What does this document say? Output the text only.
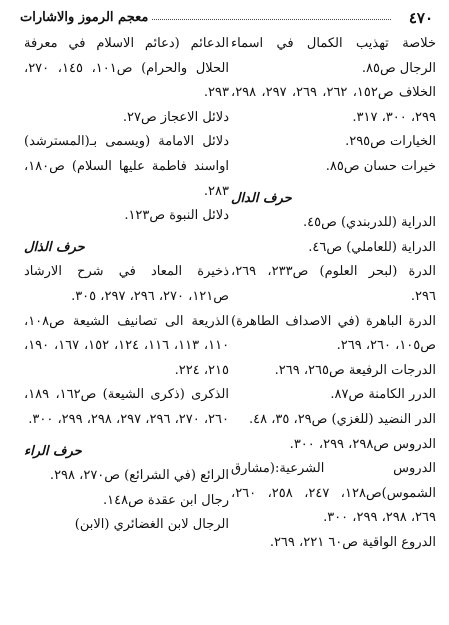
٤٧٠
معجم الرموز والاشارات

خلاصة تهذيب الكمال في اسماء الرجال ص٨٥.

الخلاف ص١٥٢، ٢٦٢، ٢٦٩، ٢٩٧، ٢٩٨، ٢٩٩، ٣٠٠، ٣١٧.

الخيارات ص٢٩٥.

خيرات حسان ص٨٥.

حرف الدال

الدراية (للدربندي) ص٤٥.

الدراية (للعاملي) ص٤٦.

الدرة (لبحر العلوم) ص٢٣٣، ٢٦٩، ٢٩٦.

الدرة الباهرة (في الاصداف الطاهرة) ص١٠٥، ٢٦٠، ٢٦٩.

الدرجات الرفيعة ص٢٦٥، ٢٦٩.

الدرر الكامنة ص٨٧.

الدر النضيد (للغزي) ص٢٩، ٣٥، ٤٨.

الدروس ص٢٩٨، ٢٩٩، ٣٠٠.

الدروس الشرعية:(مشارق الشموس)ص١٢٨، ٢٤٧، ٢٥٨، ٢٦٠، ٢٦٩، ٢٩٨، ٢٩٩، ٣٠٠.

الدروع الواقية ص٦٠ ٢٢١، ٢٦٩.

الدعائم (دعائم الاسلام في معرفة الحلال والحرام) ص١٠١، ١٤٥، ٢٧٠، ٢٩٣.

دلائل الاعجاز ص٢٧.

دلائل الامامة (ويسمى بـ(المسترشد) اواسند فاطمة عليها السلام) ص١٨٠، ٢٨٣.

دلائل النبوة ص١٢٣.

حرف الذال

ذخيرة المعاد في شرح الارشاد ص١٢١، ٢٧٠، ٢٩٦، ٢٩٧، ٣٠٥.

الذريعة الى تصانيف الشيعة ص١٠٨، ١١٠، ١١٣، ١١٦، ١٢٤، ١٥٢، ١٦٧، ١٩٠، ٢١٥، ٢٢٤.

الذكرى (ذكرى الشيعة) ص١٦٢، ١٨٩، ٢٦٠، ٢٧٠، ٢٩٦، ٢٩٧، ٢٩٨، ٢٩٩، ٣٠٠.

حرف الراء

الرائع (في الشرائع) ص٢٧٠، ٢٩٨.

رجال ابن عقدة ص١٤٨.

الرجال لابن الغضائري (الابن)
